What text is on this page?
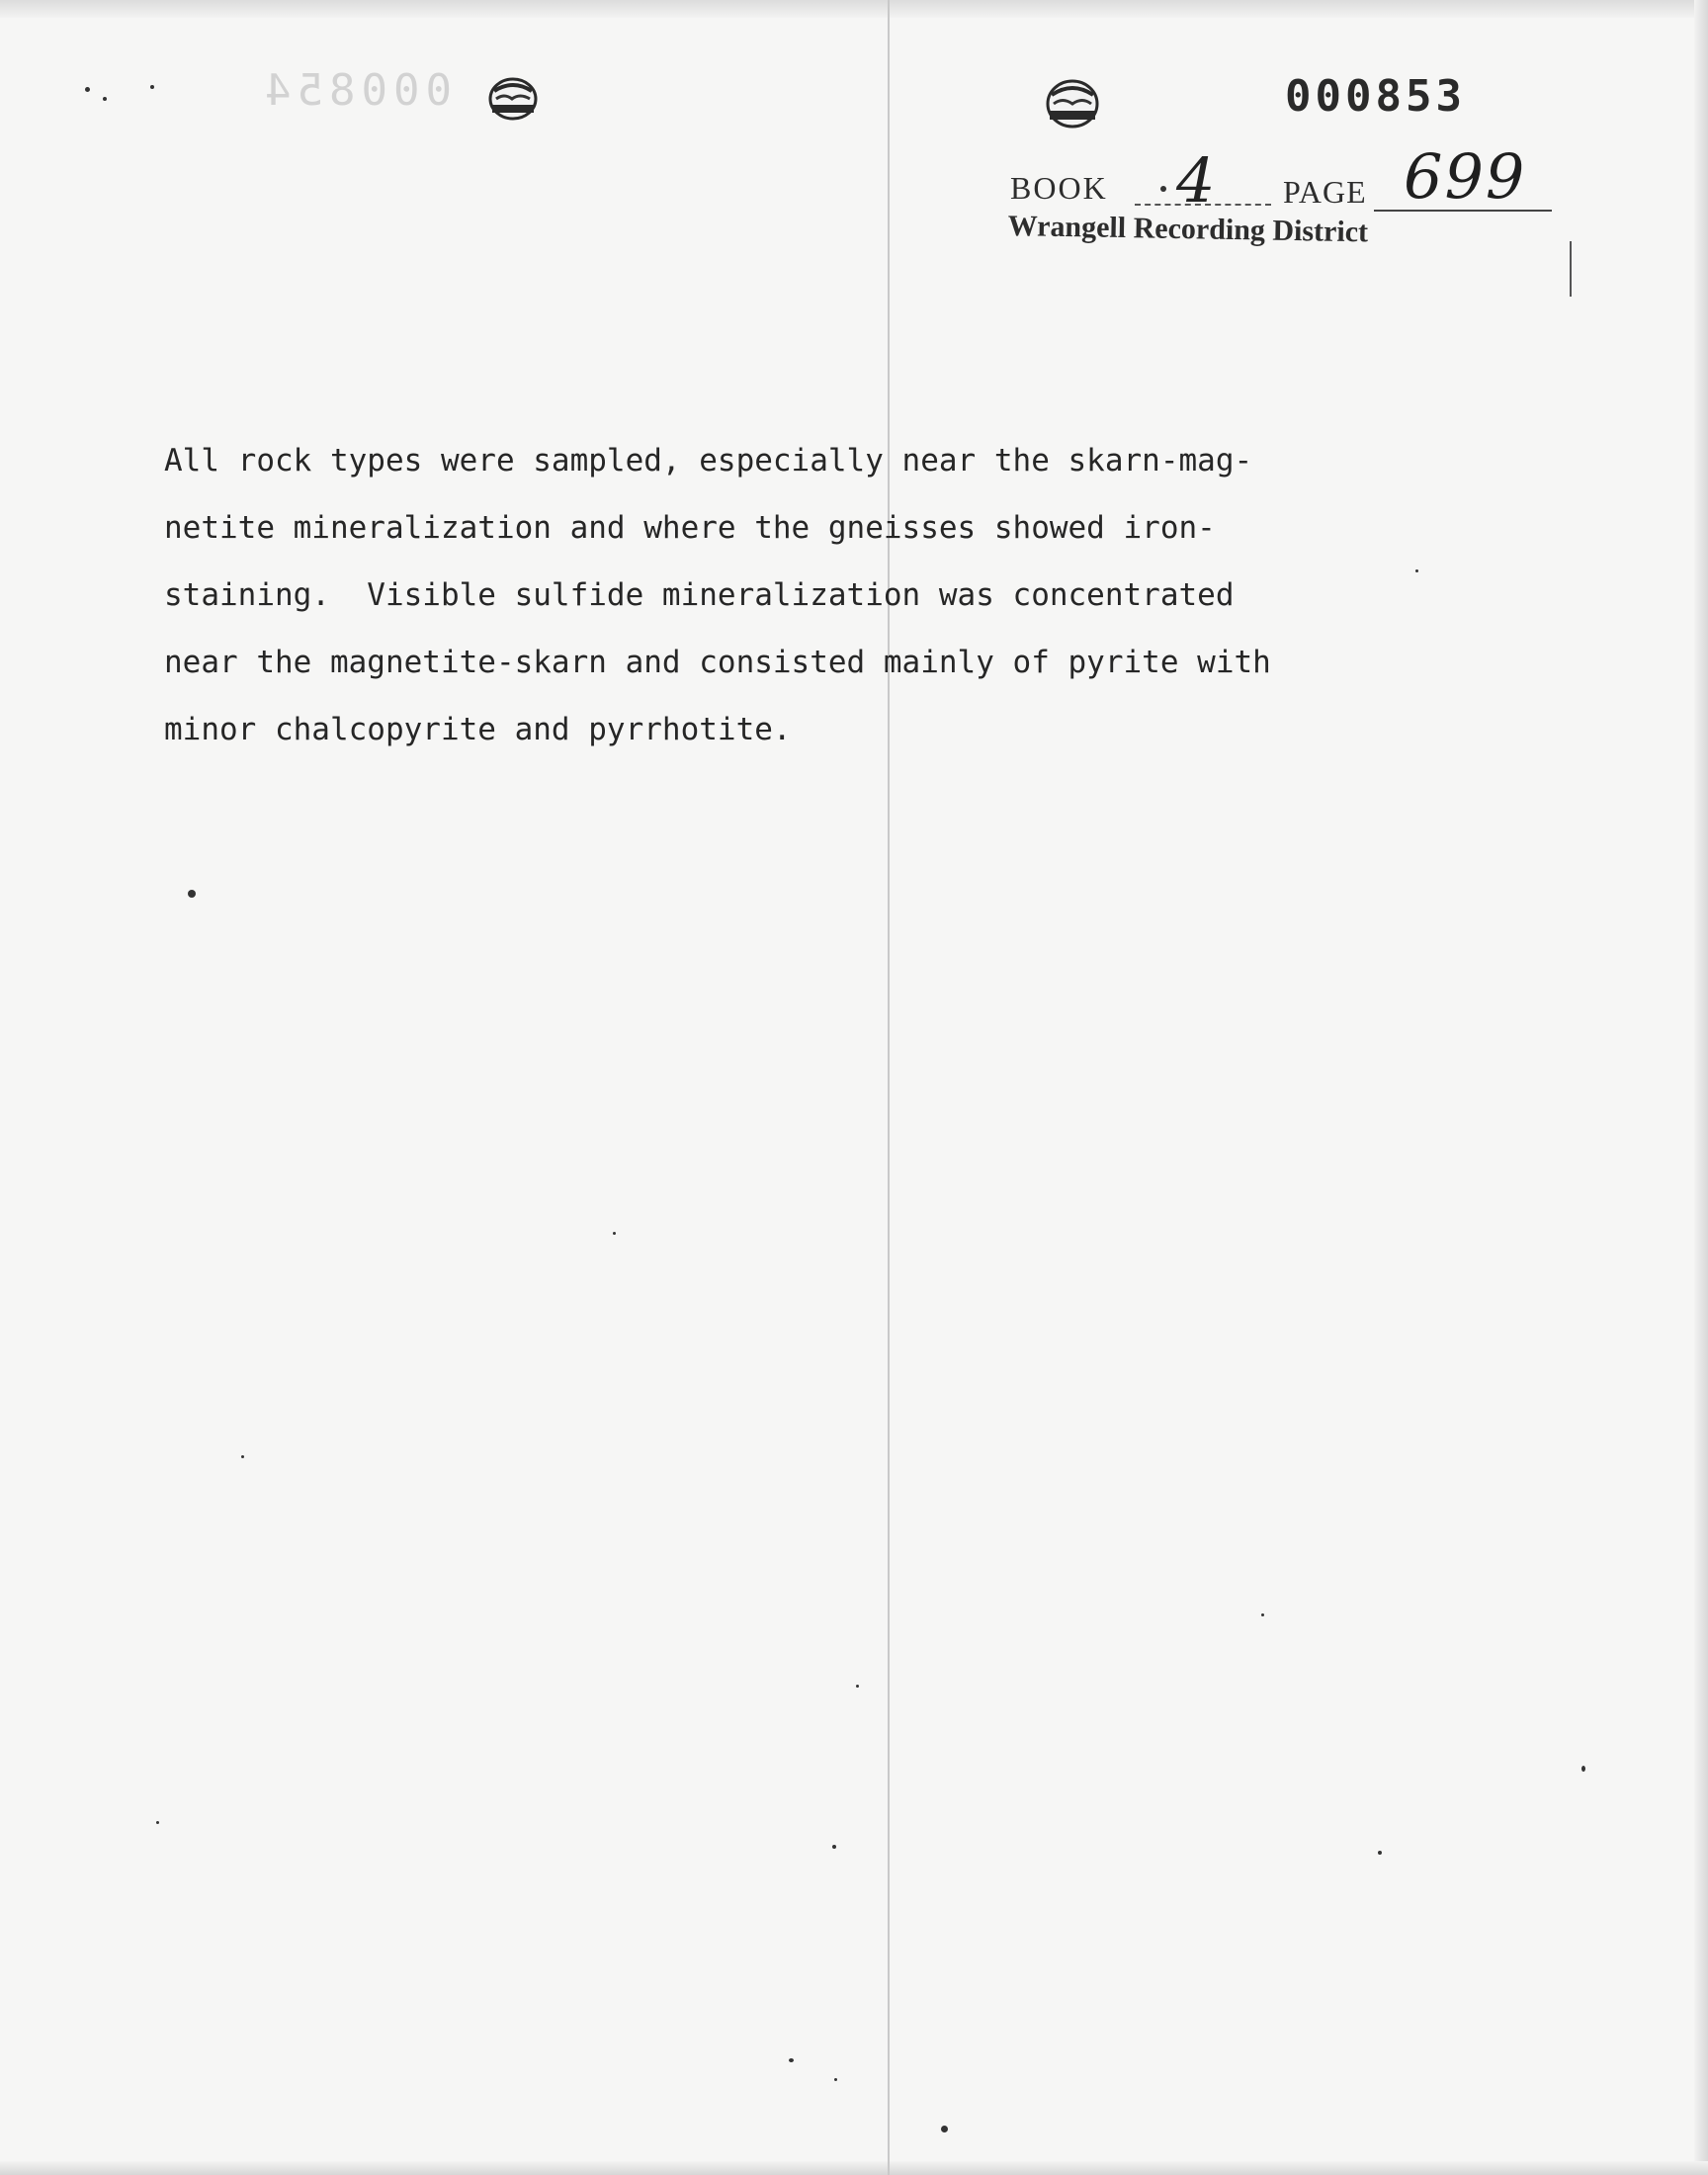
000854	000853
BOOK 4 PAGE 699
Wrangell Recording District

All rock types were sampled, especially near the skarn-mag-
netite mineralization and where the gneisses showed iron-
staining.  Visible sulfide mineralization was concentrated
near the magnetite-skarn and consisted mainly of pyrite with
minor chalcopyrite and pyrrhotite.
